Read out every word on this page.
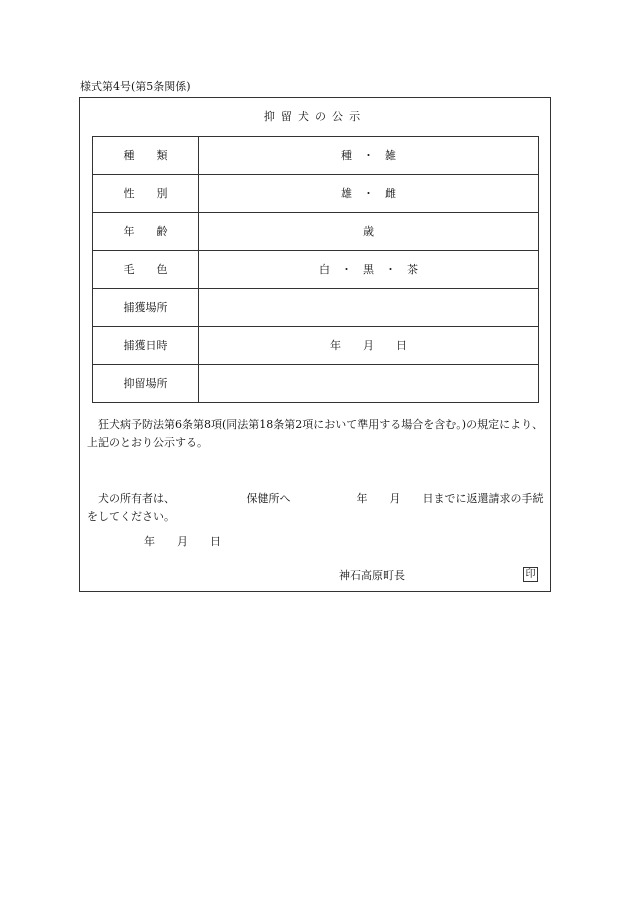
様式第4号(第5条関係)
抑留犬の公示
種　　類	種　・　雑
性　　別	雄　・　雌
年　　齢	歳
毛　　色	白　・　黒　・　茶
捕獲場所	
捕獲日時	年　　月　　日
抑留場所	
狂犬病予防法第6条第8項(同法第18条第2項において準用する場合を含む。)の規定により、上記のとおり公示する。
犬の所有者は、　　　　　　　保健所へ　　　　　　年　　月　　日までに返還請求の手続をしてください。
年　　月　　日
神石高原町長	印
